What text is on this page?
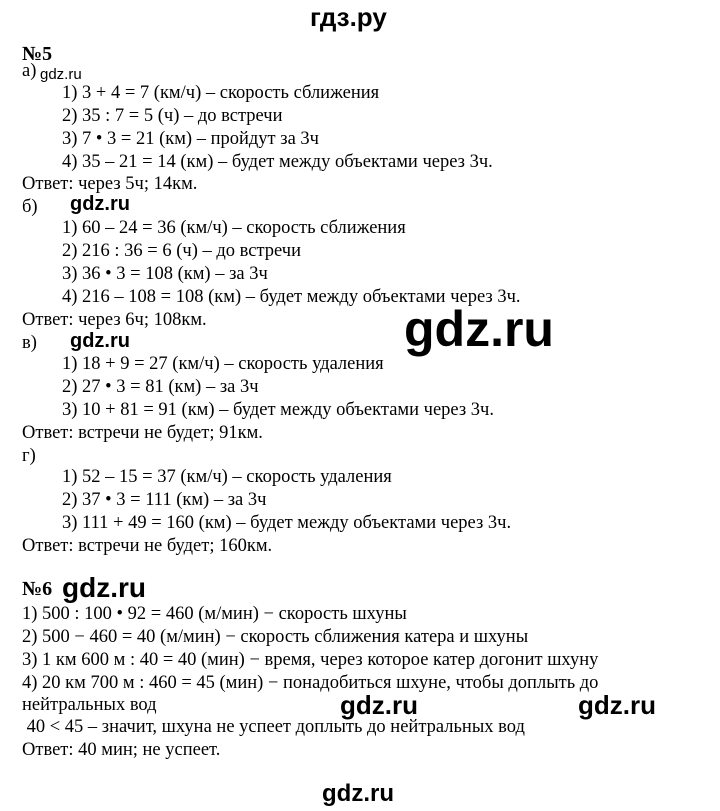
гдз.ру
№5
а) gdz.ru
1) 3 + 4 = 7 (км/ч) – скорость сближения
2) 35 : 7 = 5 (ч) – до встречи
3) 7 • 3 = 21 (км) – пройдут за 3ч
4) 35 – 21 = 14 (км) – будет между объектами через 3ч.
Ответ: через 5ч; 14км.
б) gdz.ru
1) 60 – 24 = 36 (км/ч) – скорость сближения
2) 216 : 36 = 6 (ч) – до встречи
3) 36 • 3 = 108 (км) – за 3ч
4) 216 – 108 = 108 (км) – будет между объектами через 3ч.
Ответ: через 6ч; 108км.	gdz.ru
в) gdz.ru
1) 18 + 9 = 27 (км/ч) – скорость удаления
2) 27 • 3 = 81 (км) – за 3ч
3) 10 + 81 = 91 (км) – будет между объектами через 3ч.
Ответ: встречи не будет; 91км.
г)
1) 52 – 15 = 37 (км/ч) – скорость удаления
2) 37 • 3 = 111 (км) – за 3ч
3) 111 + 49 = 160 (км) – будет между объектами через 3ч.
Ответ: встречи не будет; 160км.
№6 gdz.ru
1) 500 : 100 • 92 = 460 (м/мин) − скорость шхуны
2) 500 − 460 = 40 (м/мин) − скорость сближения катера и шхуны
3) 1 км 600 м : 40 = 40 (мин) − время, через которое катер догонит шхуну
4) 20 км 700 м : 460 = 45 (мин) − понадобиться шхуне, чтобы доплыть до
нейтральных вод	gdz.ru	gdz.ru
40 < 45 – значит, шхуна не успеет доплыть до нейтральных вод
Ответ: 40 мин; не успеет.
gdz.ru
